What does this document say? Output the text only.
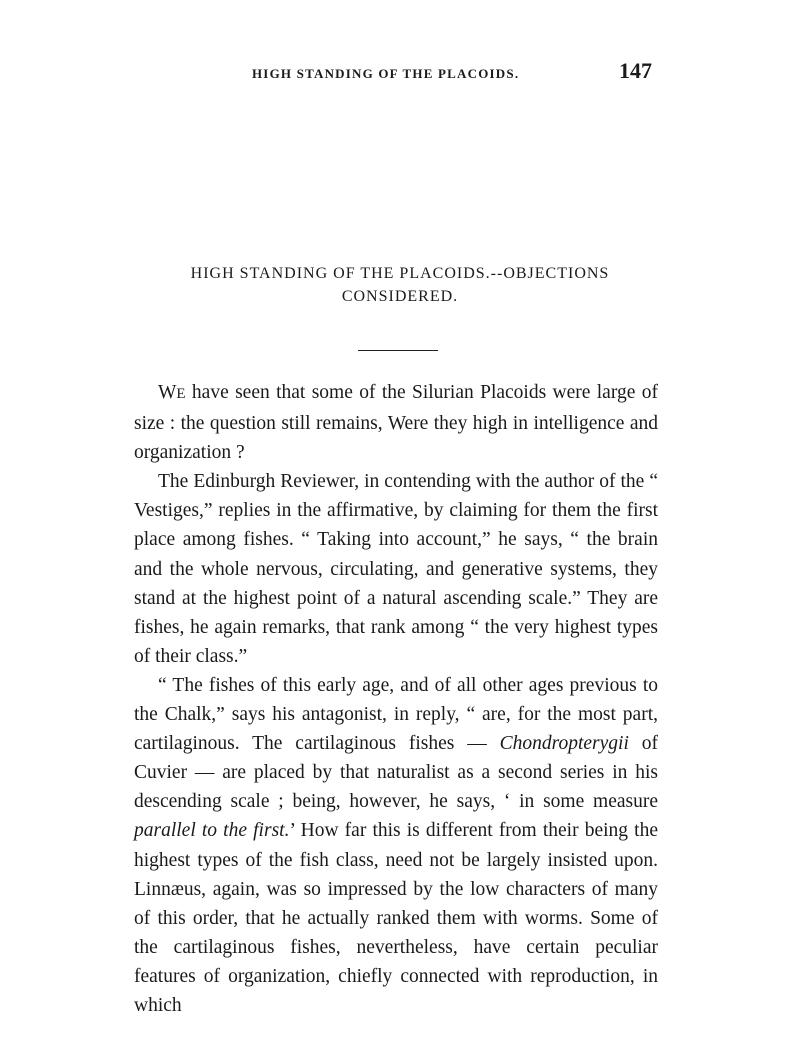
HIGH STANDING OF THE PLACOIDS.	147
HIGH STANDING OF THE PLACOIDS.--OBJECTIONS
CONSIDERED.

WE have seen that some of the Silurian Placoids were large of size : the question still remains, Were they high in intelligence and organization ?

The Edinburgh Reviewer, in contending with the author of the “ Vestiges,” replies in the affirmative, by claiming for them the first place among fishes. “ Taking into account,” he says, “ the brain and the whole nervous, circulating, and generative systems, they stand at the highest point of a natural ascending scale.” They are fishes, he again remarks, that rank among “ the very highest types of their class.”

“ The fishes of this early age, and of all other ages previous to the Chalk,” says his antagonist, in reply, “ are, for the most part, cartilaginous. The cartilaginous fishes — Chondropterygii of Cuvier — are placed by that naturalist as a second series in his descending scale ; being, however, he says, ‘ in some measure parallel to the first.’ How far this is different from their being the highest types of the fish class, need not be largely insisted upon. Linnæus, again, was so impressed by the low characters of many of this order, that he actually ranked them with worms. Some of the cartilaginous fishes, nevertheless, have certain peculiar features of organization, chiefly connected with reproduction, in which
